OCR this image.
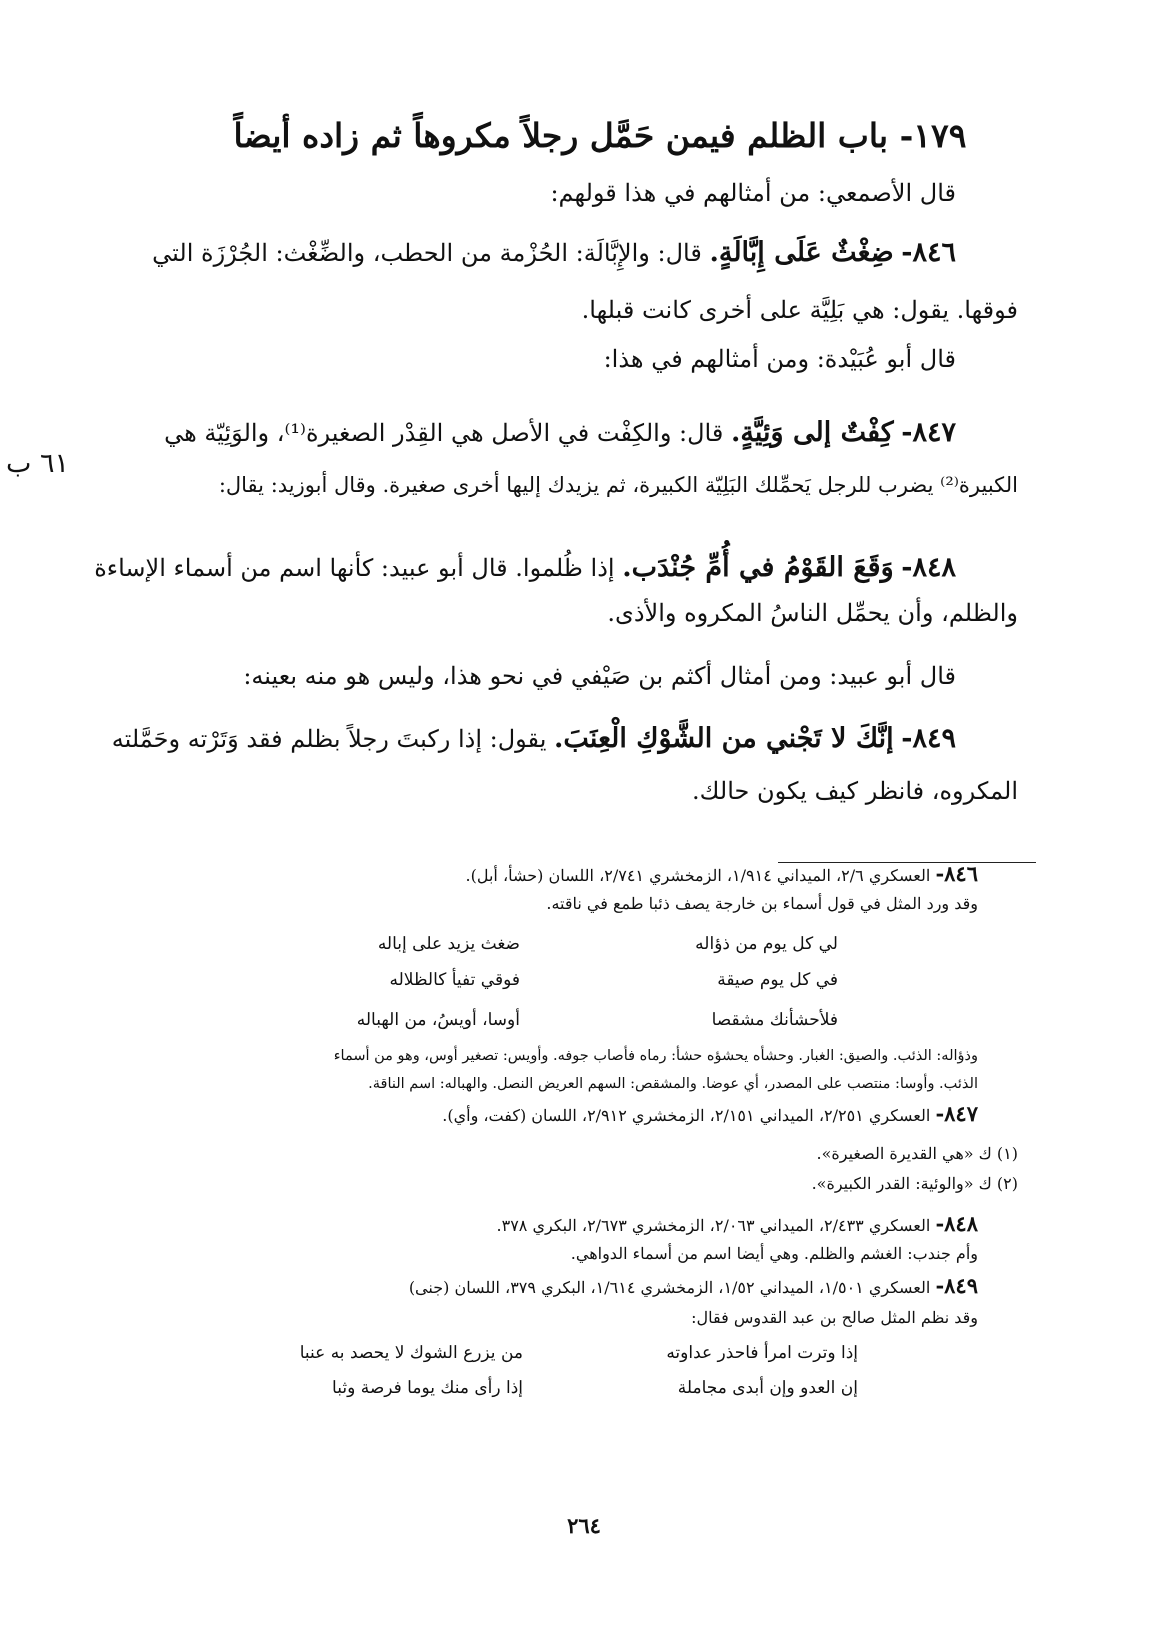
١٧٩- باب الظلم فيمن حَمَّل رجلاً مكروهاً ثم زاده أيضاً
قال الأصمعي: من أمثالهم في هذا قولهم:
٨٤٦- ضِغْثٌ عَلَى إِبَّالَةٍ. قال: والإِبَّالَة: الحُزْمة من الحطب، والضِّغْث: الجُرْزَة التي
فوقها. يقول: هي بَلِيَّة على أخرى كانت قبلها.
قال أبو عُبَيْدة: ومن أمثالهم في هذا:
٨٤٧- كِفْتٌ إلى وَئِيَّةٍ. قال: والكِفْت في الأصل هي القِدْر الصغيرة⁽¹⁾، والوَئِيّة هي
الكبيرة⁽²⁾ يضرب للرجل يَحمِّلك البَلِيّة الكبيرة، ثم يزيدك إليها أخرى صغيرة. وقال أبوزيد: يقال:
٦١ ب
٨٤٨- وَقَعَ القَوْمُ في أُمِّ جُنْدَب. إذا ظُلموا. قال أبو عبيد: كأنها اسم من أسماء الإساءة
والظلم، وأن يحمِّل الناسُ المكروه والأذى.
قال أبو عبيد: ومن أمثال أكثم بن صَيْفي في نحو هذا، وليس هو منه بعينه:
٨٤٩- إنَّكَ لا تَجْني من الشَّوْكِ الْعِنَبَ. يقول: إذا ركبتَ رجلاً بظلم فقد وَتَرْته وحَمَّلته
المكروه، فانظر كيف يكون حالك.
٨٤٦- العسكري ٢/٦، الميداني ١/٩١٤، الزمخشري ٢/٧٤١، اللسان (حشأ، أبل).
وقد ورد المثل في قول أسماء بن خارجة يصف ذئبا طمع في ناقته.
لي كل يوم من ذؤاله
ضغث يزيد على إباله
في كل يوم صيقة
فوقي تفيأ كالظلاله
فلأحشأنك مشقصا
أوسا، أويسُ، من الهباله
وذؤاله: الذئب. والصيق: الغبار. وحشأه يحشؤه حشأ: رماه فأصاب جوفه. وأويس: تصغير أوس، وهو من أسماء
الذئب. وأوسا: منتصب على المصدر، أي عوضا. والمشقص: السهم العريض النصل. والهباله: اسم الناقة.
٨٤٧- العسكري ٢/٢٥١، الميداني ٢/١٥١، الزمخشري ٢/٩١٢، اللسان (كفت، وأي).
(١) ك «هي القديرة الصغيرة».
(٢) ك «والوئية: القدر الكبيرة».
٨٤٨- العسكري ٢/٤٣٣، الميداني ٢/٠٦٣، الزمخشري ٢/٦٧٣، البكري ٣٧٨.
وأم جندب: الغشم والظلم. وهي أيضا اسم من أسماء الدواهي.
٨٤٩- العسكري ١/٥٠١، الميداني ١/٥٢، الزمخشري ١/٦١٤، البكري ٣٧٩، اللسان (جنى)
وقد نظم المثل صالح بن عبد القدوس فقال:
إذا وترت امرأ فاحذر عداوته
من يزرع الشوك لا يحصد به عنبا
إن العدو وإن أبدى مجاملة
إذا رأى منك يوما فرصة وثبا
٢٦٤
